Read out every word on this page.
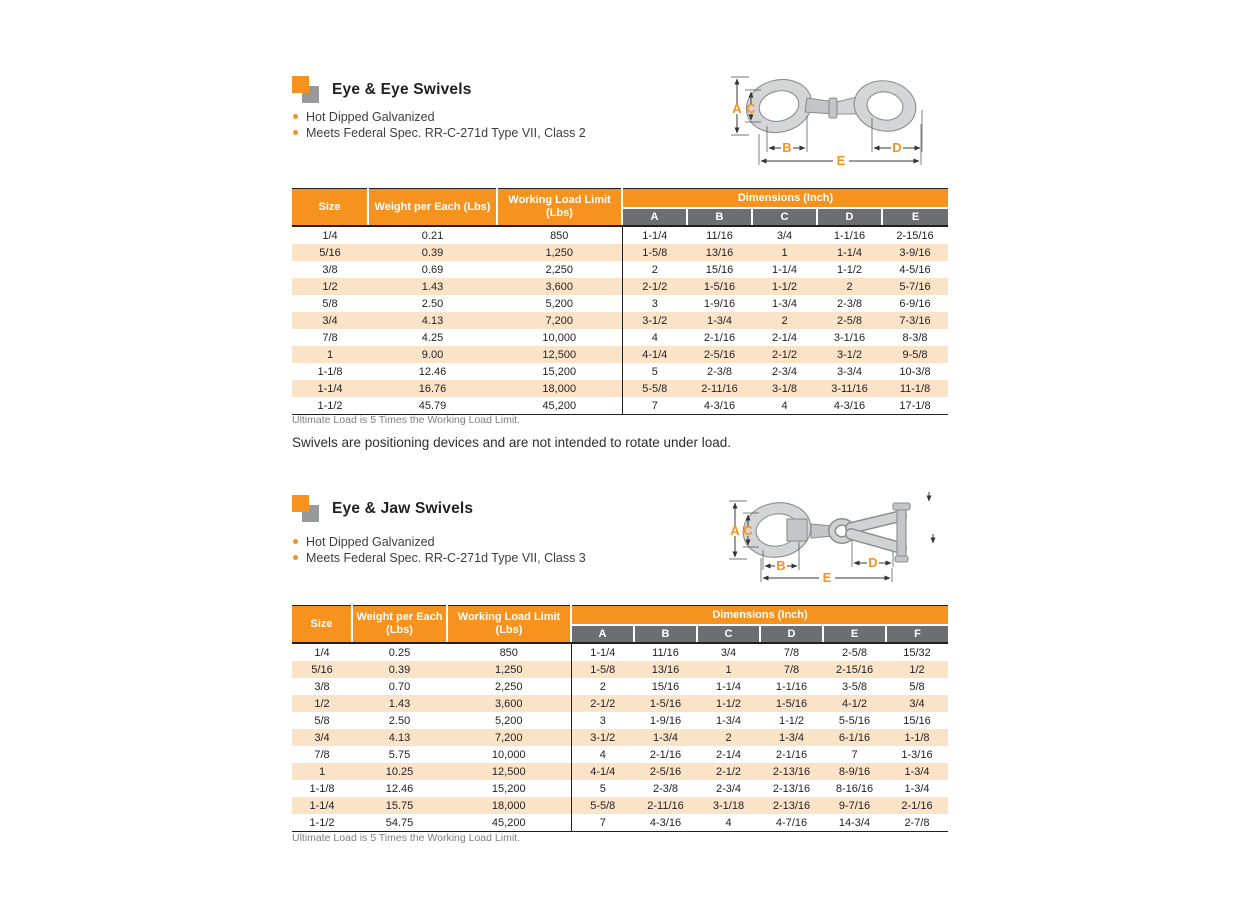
Eye & Eye Swivels
Hot Dipped Galvanized
Meets Federal Spec. RR-C-271d Type VII, Class 2
A C
B	D
E
Size	Weight per Each (Lbs)	Working Load Limit (Lbs)	Dimensions (Inch)				
			A	B	C	D	E
1/4	0.21	850	1-1/4	11/16	3/4	1-1/16	2-15/16
5/16	0.39	1,250	1-5/8	13/16	1	1-1/4	3-9/16
3/8	0.69	2,250	2	15/16	1-1/4	1-1/2	4-5/16
1/2	1.43	3,600	2-1/2	1-5/16	1-1/2	2	5-7/16
5/8	2.50	5,200	3	1-9/16	1-3/4	2-3/8	6-9/16
3/4	4.13	7,200	3-1/2	1-3/4	2	2-5/8	7-3/16
7/8	4.25	10,000	4	2-1/16	2-1/4	3-1/16	8-3/8
1	9.00	12,500	4-1/4	2-5/16	2-1/2	3-1/2	9-5/8
1-1/8	12.46	15,200	5	2-3/8	2-3/4	3-3/4	10-3/8
1-1/4	16.76	18,000	5-5/8	2-11/16	3-1/8	3-11/16	11-1/8
1-1/2	45.79	45,200	7	4-3/16	4	4-3/16	17-1/8
Ultimate Load is 5 Times the Working Load Limit.
Swivels are positioning devices and are not intended to rotate under load.
Eye & Jaw Swivels
Hot Dipped Galvanized
Meets Federal Spec. RR-C-271d Type VII, Class 3
A C
B	D
E
Size	Weight per Each (Lbs)	Working Load Limit (Lbs)	Dimensions (Inch)					
			A	B	C	D	E	F
1/4	0.25	850	1-1/4	11/16	3/4	7/8	2-5/8	15/32
5/16	0.39	1,250	1-5/8	13/16	1	7/8	2-15/16	1/2
3/8	0.70	2,250	2	15/16	1-1/4	1-1/16	3-5/8	5/8
1/2	1.43	3,600	2-1/2	1-5/16	1-1/2	1-5/16	4-1/2	3/4
5/8	2.50	5,200	3	1-9/16	1-3/4	1-1/2	5-5/16	15/16
3/4	4.13	7,200	3-1/2	1-3/4	2	1-3/4	6-1/16	1-1/8
7/8	5.75	10,000	4	2-1/16	2-1/4	2-1/16	7	1-3/16
1	10.25	12,500	4-1/4	2-5/16	2-1/2	2-13/16	8-9/16	1-3/4
1-1/8	12.46	15,200	5	2-3/8	2-3/4	2-13/16	8-16/16	1-3/4
1-1/4	15.75	18,000	5-5/8	2-11/16	3-1/18	2-13/16	9-7/16	2-1/16
1-1/2	54.75	45,200	7	4-3/16	4	4-7/16	14-3/4	2-7/8
Ultimate Load is 5 Times the Working Load Limit.
